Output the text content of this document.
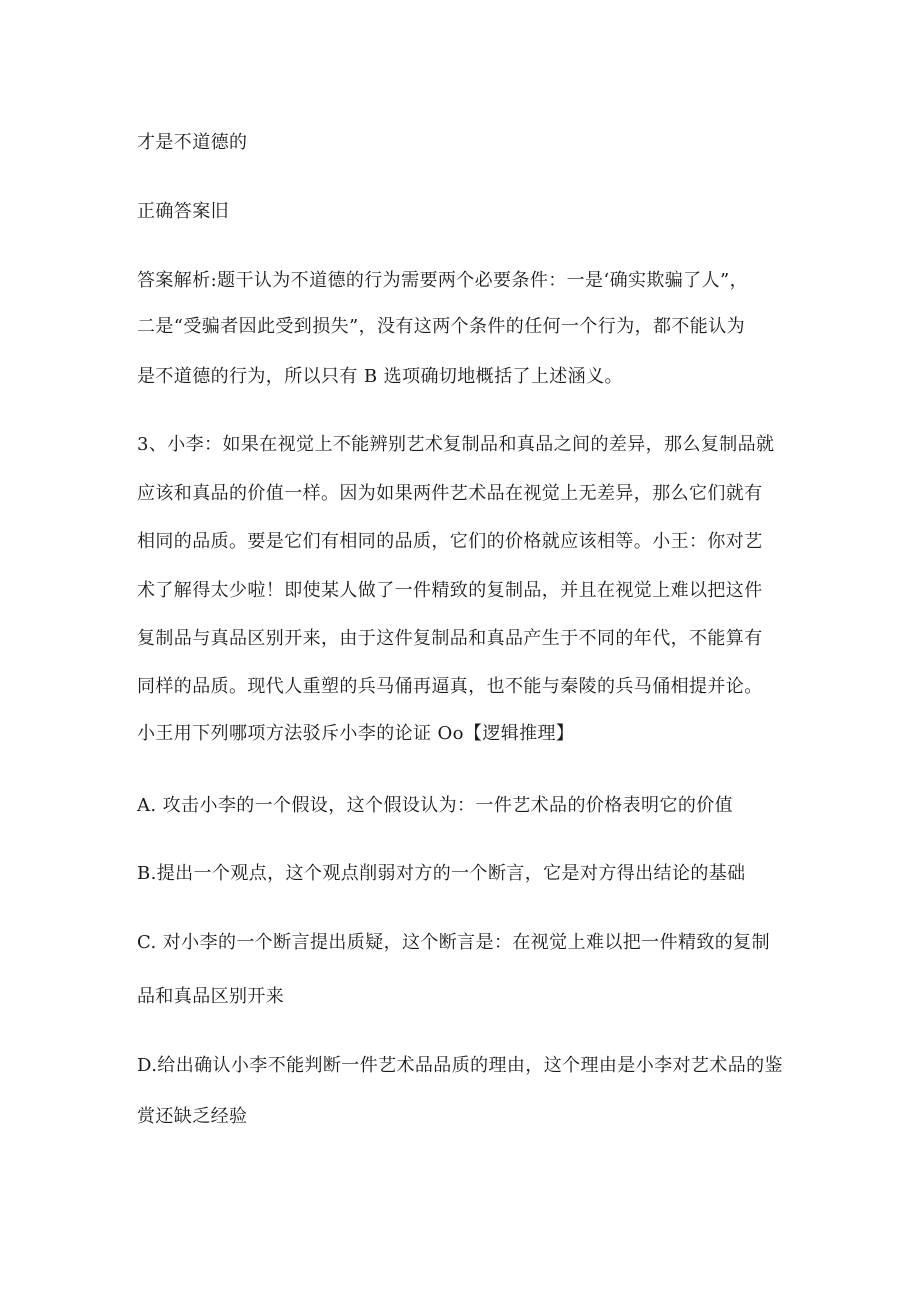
才是不道德的
正确答案旧
答案解析:题干认为不道德的行为需要两个必要条件：一是‘确实欺骗了人”，
二是“受骗者因此受到损失”，没有这两个条件的任何一个行为，都不能认为
是不道德的行为，所以只有 B 选项确切地概括了上述涵义。
3、小李：如果在视觉上不能辨别艺术复制品和真品之间的差异，那么复制品就
应该和真品的价值一样。因为如果两件艺术品在视觉上无差异，那么它们就有
相同的品质。要是它们有相同的品质，它们的价格就应该相等。小王：你对艺
术了解得太少啦！即使某人做了一件精致的复制品，并且在视觉上难以把这件
复制品与真品区别开来，由于这件复制品和真品产生于不同的年代，不能算有
同样的品质。现代人重塑的兵马俑再逼真，也不能与秦陵的兵马俑相提并论。
小王用下列哪项方法驳斥小李的论证 Oo【逻辑推理】
A. 攻击小李的一个假设，这个假设认为：一件艺术品的价格表明它的价值
B.提出一个观点，这个观点削弱对方的一个断言，它是对方得出结论的基础
C. 对小李的一个断言提出质疑，这个断言是：在视觉上难以把一件精致的复制
品和真品区别开来
D.给出确认小李不能判断一件艺术品品质的理由，这个理由是小李对艺术品的鉴
赏还缺乏经验
